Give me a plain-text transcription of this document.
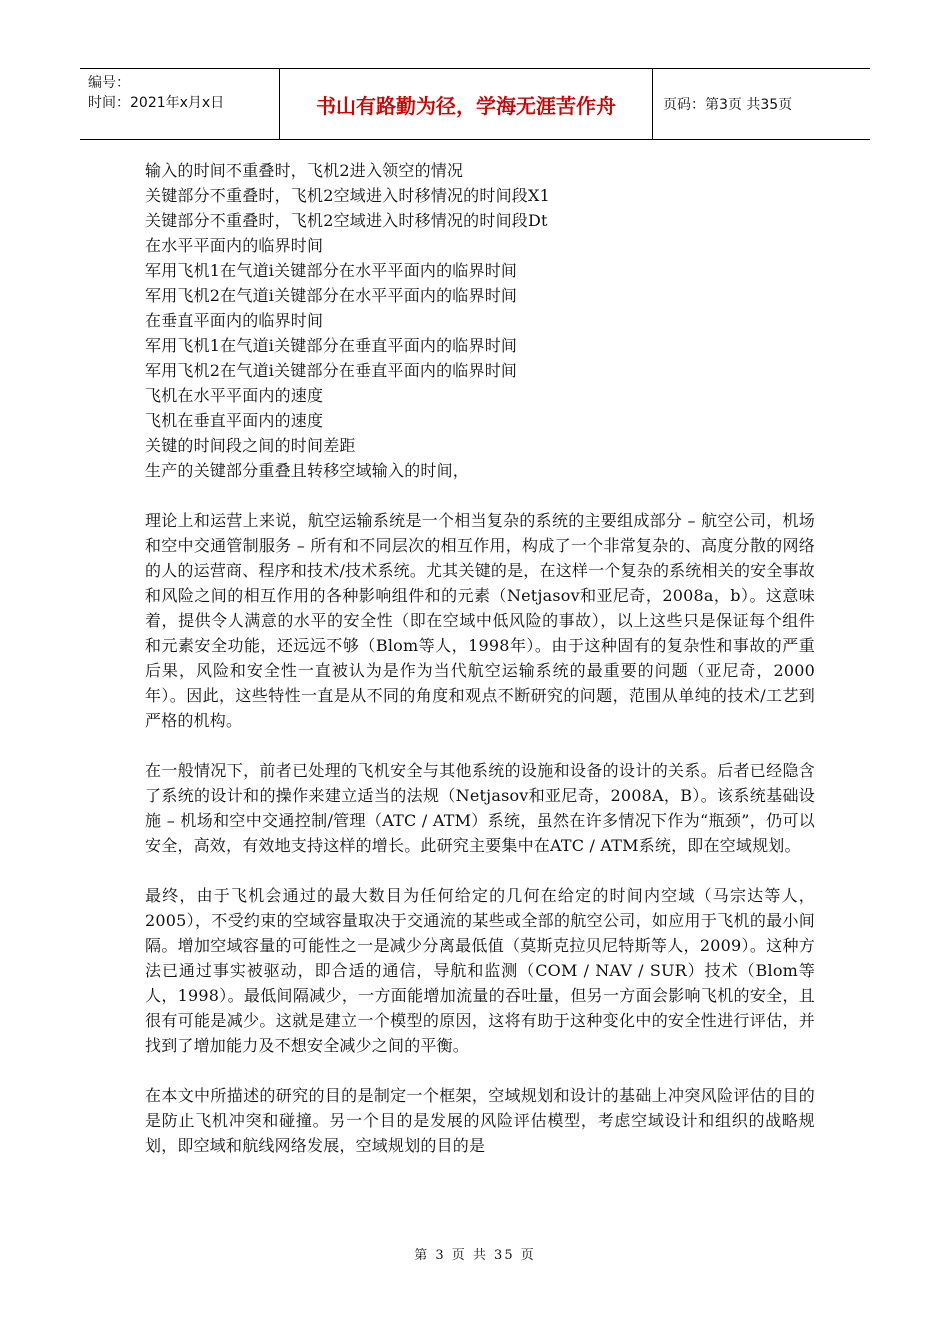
编号：
时间：2021年x月x日	书山有路勤为径，学海无涯苦作舟	页码：第3页 共35页
输入的时间不重叠时，飞机2进入领空的情况
关键部分不重叠时，飞机2空域进入时移情况的时间段X1
关键部分不重叠时，飞机2空域进入时移情况的时间段Dt
在水平平面内的临界时间
军用飞机1在气道i关键部分在水平平面内的临界时间
军用飞机2在气道i关键部分在水平平面内的临界时间
在垂直平面内的临界时间
军用飞机1在气道i关键部分在垂直平面内的临界时间
军用飞机2在气道i关键部分在垂直平面内的临界时间
飞机在水平平面内的速度
飞机在垂直平面内的速度
关键的时间段之间的时间差距
生产的关键部分重叠且转移空域输入的时间，

理论上和运营上来说，航空运输系统是一个相当复杂的系统的主要组成部分 – 航空公司，机场和空中交通管制服务 – 所有和不同层次的相互作用，构成了一个非常复杂的、高度分散的网络的人的运营商、程序和技术/技术系统。尤其关键的是，在这样一个复杂的系统相关的安全事故和风险之间的相互作用的各种影响组件和的元素（Netjasov和亚尼奇，2008a，b）。这意味着，提供令人满意的水平的安全性（即在空域中低风险的事故），以上这些只是保证每个组件和元素安全功能，还远远不够（Blom等人，1998年）。由于这种固有的复杂性和事故的严重后果，风险和安全性一直被认为是作为当代航空运输系统的最重要的问题（亚尼奇，2000年）。因此，这些特性一直是从不同的角度和观点不断研究的问题，范围从单纯的技术/工艺到严格的机构。

在一般情况下，前者已处理的飞机安全与其他系统的设施和设备的设计的关系。后者已经隐含了系统的设计和的操作来建立适当的法规（Netjasov和亚尼奇，2008A，B）。该系统基础设施 – 机场和空中交通控制/管理（ATC / ATM）系统，虽然在许多情况下作为“瓶颈”，仍可以安全，高效，有效地支持这样的增长。此研究主要集中在ATC / ATM系统，即在空域规划。

最终，由于飞机会通过的最大数目为任何给定的几何在给定的时间内空域（马宗达等人，2005），不受约束的空域容量取决于交通流的某些或全部的航空公司，如应用于飞机的最小间隔。增加空域容量的可能性之一是减少分离最低值（莫斯克拉贝尼特斯等人，2009）。这种方法已通过事实被驱动，即合适的通信，导航和监测（COM / NAV / SUR）技术（Blom等人，1998）。最低间隔减少，一方面能增加流量的吞吐量，但另一方面会影响飞机的安全，且很有可能是减少。这就是建立一个模型的原因，这将有助于这种变化中的安全性进行评估，并找到了增加能力及不想安全减少之间的平衡。

在本文中所描述的研究的目的是制定一个框架，空域规划和设计的基础上冲突风险评估的目的是防止飞机冲突和碰撞。另一个目的是发展的风险评估模型，考虑空域设计和组织的战略规划，即空域和航线网络发展，空域规划的目的是

第 3 页 共 35 页
